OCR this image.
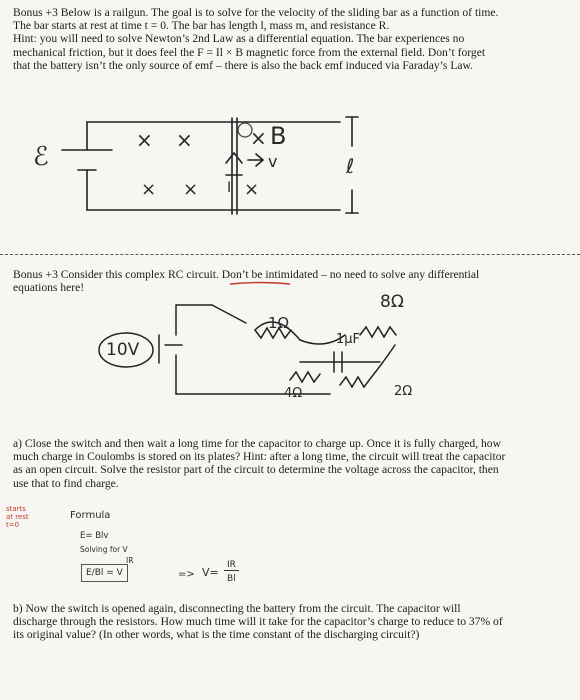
Bonus +3 Below is a railgun. The goal is to solve for the velocity of the sliding bar as a function of time.
The bar starts at rest at time t = 0. The bar has length l, mass m, and resistance R.
Hint: you will need to solve Newton’s 2nd Law as a differential equation. The bar experiences no
mechanical friction, but it does feel the F = Il × B magnetic force from the external field. Don’t forget
that the battery isn’t the only source of emf – there is also the back emf induced via Faraday’s Law.
ℰ
× ×	×
× ×	×
B
v
I
ℓ
Bonus +3 Consider this complex RC circuit. Don’t be intimidated – no need to solve any differential
equations here!
10V
1Ω
8Ω
1μF
4Ω	2Ω
a) Close the switch and then wait a long time for the capacitor to charge up. Once it is fully charged, how
much charge in Coulombs is stored on its plates? Hint: after a long time, the circuit will treat the capacitor
as an open circuit. Solve the resistor part of the circuit to determine the voltage across the capacitor, then
use that to find charge.
starts
at rest
t=0
Formula
E= Blv
Solving for V
IR
E/Bl = V	=> V=
IR
Bl
b) Now the switch is opened again, disconnecting the battery from the circuit. The capacitor will
discharge through the resistors. How much time will it take for the capacitor’s charge to reduce to 37% of
its original value? (In other words, what is the time constant of the discharging circuit?)
